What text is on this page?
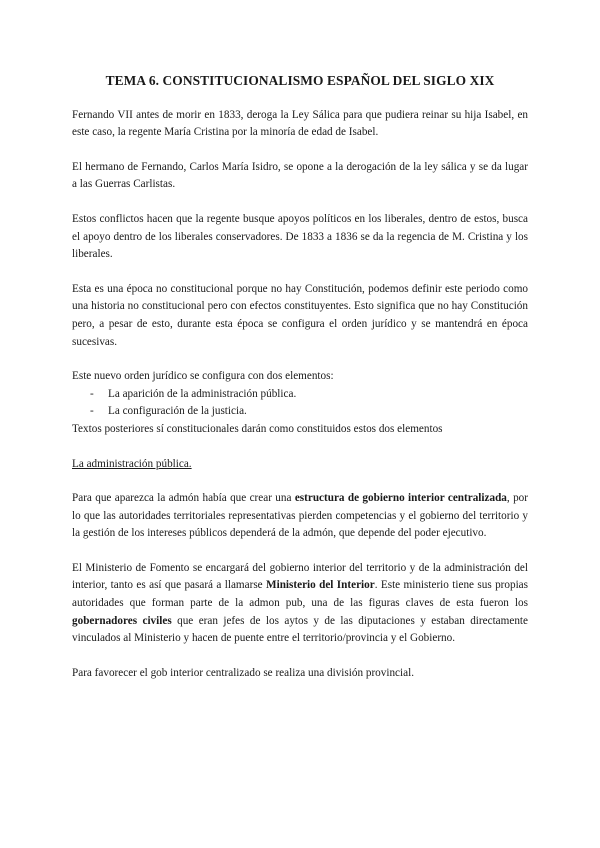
TEMA 6. CONSTITUCIONALISMO ESPAÑOL DEL SIGLO XIX

Fernando VII antes de morir en 1833, deroga la Ley Sálica para que pudiera reinar su hija Isabel, en este caso, la regente María Cristina por la minoría de edad de Isabel.

El hermano de Fernando, Carlos María Isidro, se opone a la derogación de la ley sálica y se da lugar a las Guerras Carlistas.

Estos conflictos hacen que la regente busque apoyos políticos en los liberales, dentro de estos, busca el apoyo dentro de los liberales conservadores. De 1833 a 1836 se da la regencia de M. Cristina y los liberales.

Esta es una época no constitucional porque no hay Constitución, podemos definir este periodo como una historia no constitucional pero con efectos constituyentes. Esto significa que no hay Constitución pero, a pesar de esto, durante esta época se configura el orden jurídico y se mantendrá en época sucesivas.

Este nuevo orden jurídico se configura con dos elementos:

- La aparición de la administración pública.
- La configuración de la justicia.

Textos posteriores sí constitucionales darán como constituidos estos dos elementos

La administración pública.

Para que aparezca la admón había que crear una estructura de gobierno interior centralizada, por lo que las autoridades territoriales representativas pierden competencias y el gobierno del territorio y la gestión de los intereses públicos dependerá de la admón, que depende del poder ejecutivo.

El Ministerio de Fomento se encargará del gobierno interior del territorio y de la administración del interior, tanto es así que pasará a llamarse Ministerio del Interior. Este ministerio tiene sus propias autoridades que forman parte de la admon pub, una de las figuras claves de esta fueron los gobernadores civiles que eran jefes de los aytos y de las diputaciones y estaban directamente vinculados al Ministerio y hacen de puente entre el territorio/provincia y el Gobierno.

Para favorecer el gob interior centralizado se realiza una división provincial.
